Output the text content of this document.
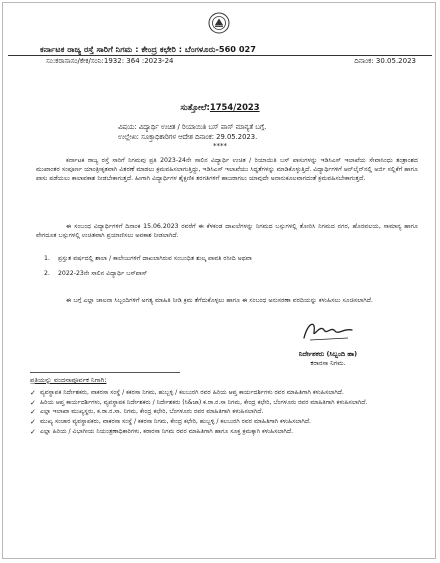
ಕರ್ನಾಟಕ ರಾಜ್ಯ ರಸ್ತೆ ಸಾರಿಗೆ ನಿಗಮ : ಕೇಂದ್ರ ಕಛೇರಿ : ಬೆಂಗಳೂರು-560 027
ಸಂ:ಕರಾಸಾಸಂ/ಕೇಕ/ಸಂನಿ:1932: 364 :2023-24	ದಿನಾಂಕ: 30.05.2023
ಸುತ್ತೋಲೆ:1754/2023
ವಿಷಯ: ವಿದ್ಯಾರ್ಥಿ ಉಚಿತ / ರಿಯಾಯಿತಿ ಬಸ್ ಪಾಸ್ ಮಾನ್ಯತೆ ಬಗ್ಗೆ.
ಉಲ್ಲೇಖ: ಸೂಕ್ತಾಧಿಕಾರಿಗಳ ಆದೇಶ ದಿನಾಂಕ: 29.05.2023.
****

ಕರ್ನಾಟಕ ರಾಜ್ಯ ರಸ್ತೆ ಸಾರಿಗೆ ನಿಗಮವು ಪ್ರತಿ 2023-24ನೇ ಸಾಲಿನ ವಿದ್ಯಾರ್ಥಿ ಉಚಿತ / ರಿಯಾಯಿತಿ ಬಸ್ ಪಾಸುಗಳನ್ನು ಇಡಿಸಿಎಸ್ ಇಲಾಖೆಯ ಸೇವಾಸಿಂಧು ತಂತ್ರಾಂಶದ ಮುಖಾಂತರ ಸಂಪೂರ್ಣ ಯಾಂತ್ರೀಕೃತವಾಗಿ ವಿತರಣೆ ಮಾಡಲು ಕ್ರಮವಹಿಸಲಾಗುತ್ತಿದ್ದು, ಇಡಿಸಿಎಸ್ ಇಲಾಖೆಯು ಸಿದ್ಧತೆಗಳನ್ನು ಮಾಡಿಕೊಳ್ಳುತ್ತಿದೆ. ವಿದ್ಯಾರ್ಥಿಗಳಿಗೆ ಆನ್‌ಲೈನ್‌ನಲ್ಲಿ ಅರ್ಜಿ ಸಲ್ಲಿಕೆಗೆ ಹಾಗೂ ಪಾಸು ಪಡೆಯಲು ಕಾಲಾವಕಾಶ ನೀಡಬೇಕಾಗುತ್ತದೆ. ಹೀಗಾಗಿ ವಿದ್ಯಾರ್ಥಿಗಳ ಶೈಕ್ಷಣಿಕ ತರಗತಿಗಳಿಗೆ ಹಾಜರಾಗಲು ಯಾವುದೇ ಅನಾನುಕೂಲವಾಗದಂತೆ ಕ್ರಮವಹಿಸಬೇಕಾಗುತ್ತದೆ.

ಈ ಸಂಬಂಧ ವಿದ್ಯಾರ್ಥಿಗಳಿಗೆ ದಿನಾಂಕ 15.06.2023 ರವರೆಗೆ ಈ ಕೆಳಕಂಡ ದಾಖಲೆಗಳನ್ನು ನಿಗಮದ ಬಸ್ಸುಗಳಲ್ಲಿ ತೋರಿಸಿ ನಿಗಮದ ನಗರ, ಹೊರವಲಯ, ಸಾಮಾನ್ಯ ಹಾಗೂ ವೇಗದೂತ ಬಸ್ಸುಗಳಲ್ಲಿ ಉಚಿತವಾಗಿ ಪ್ರಯಾಣಿಸಲು ಅವಕಾಶ ನೀಡಲಾಗಿದೆ.

1.	ಪ್ರಸ್ತುತ ವರ್ಷದಲ್ಲಿ ಶಾಲಾ / ಕಾಲೇಜುಗಳಿಗೆ ದಾಖಲಾಗಿರುವ ಸಂಬಂಧಿತ ಶುಲ್ಕ ಪಾವತಿ ರಸೀದಿ ಅಥವಾ
2.	2022-23ನೇ ಸಾಲಿನ ವಿದ್ಯಾರ್ಥಿ ಬಸ್‌ಪಾಸ್

ಈ ಬಗ್ಗೆ ಎಲ್ಲಾ ಚಾಲನಾ ಸಿಬ್ಬಂದಿಗಳಿಗೆ ಅಗತ್ಯ ಮಾಹಿತಿ ನೀಡಿ ಕ್ರಮ ತೆಗೆದುಕೊಳ್ಳಲು ಹಾಗೂ ಈ ಸಂಬಂಧ ಅನುಸರಣಾ ವರದಿಯನ್ನು ಕಳುಹಿಸಲು ಸೂಚಿಸಲಾಗಿದೆ.

ನಿರ್ದೇಶಕರು (ಸಿಬ್ಬಂದಿ ಹಾ)
ಕರಾರಸಾ ನಿಗಮ.
ಪ್ರತಿಯನ್ನು ವಂದನಾಪೂರ್ವಕ ನಿಗಾಗಿ:
✓ ವ್ಯವಸ್ಥಾಪಕ ನಿರ್ದೇಶಕರು, ವಾಕರಸಾ ಸಂಸ್ಥೆ / ಕಕರಸಾ ನಿಗಮ, ಹುಬ್ಬಳ್ಳಿ / ಕಲಬುರಗಿ ರವರ ಹಿರಿಯ ಆಪ್ತ ಕಾರ್ಯದರ್ಶಿಗಳು ರವರ ಮಾಹಿತಿಗಾಗಿ ಕಳುಹಿಸಲಾಗಿದೆ.
✓ ಹಿರಿಯ ಆಪ್ತ ಕಾರ್ಯದರ್ಶಿಗಳು, ವ್ಯವಸ್ಥಾಪಕ ನಿರ್ದೇಶಕರು / ನಿರ್ದೇಶಕರು (ಸಿ&ಜಾ) ಕ.ರಾ.ರ.ಸಾ ನಿಗಮ, ಕೇಂದ್ರ ಕಛೇರಿ, ಬೆಂಗಳೂರು ರವರ ಮಾಹಿತಿಗಾಗಿ ಕಳುಹಿಸಲಾಗಿದೆ.
✓ ಎಲ್ಲಾ ಇಲಾಖಾ ಮುಖ್ಯಸ್ಥರು, ಕ.ರಾ.ರ.ಸಾ. ನಿಗಮ, ಕೇಂದ್ರ ಕಛೇರಿ, ಬೆಂಗಳೂರು ರವರ ಮಾಹಿತಿಗಾಗಿ ಕಳುಹಿಸಲಾಗಿದೆ.
✓ ಮುಖ್ಯ ಸಂಚಾರ ವ್ಯವಸ್ಥಾಪಕರು, ವಾಕರಸಾ ಸಂಸ್ಥೆ / ಕಕರಸಾ ನಿಗಮ, ಕೇಂದ್ರ ಕಛೇರಿ, ಹುಬ್ಬಳ್ಳಿ / ಕಲಬುರಗಿ ರವರ ಮಾಹಿತಿಗಾಗಿ ಕಳುಹಿಸಲಾಗಿದೆ.
✓ ಎಲ್ಲಾ ಹಿರಿಯ / ವಿಭಾಗೀಯ ನಿಯಂತ್ರಣಾಧಿಕಾರಿಗಳು, ಕರಾರಸಾ ನಿಗಮ ರವರ ಮಾಹಿತಿಗಾಗಿ ಹಾಗೂ ಸೂಕ್ತ ಕ್ರಮಕ್ಕಾಗಿ ಕಳುಹಿಸಲಾಗಿದೆ.
